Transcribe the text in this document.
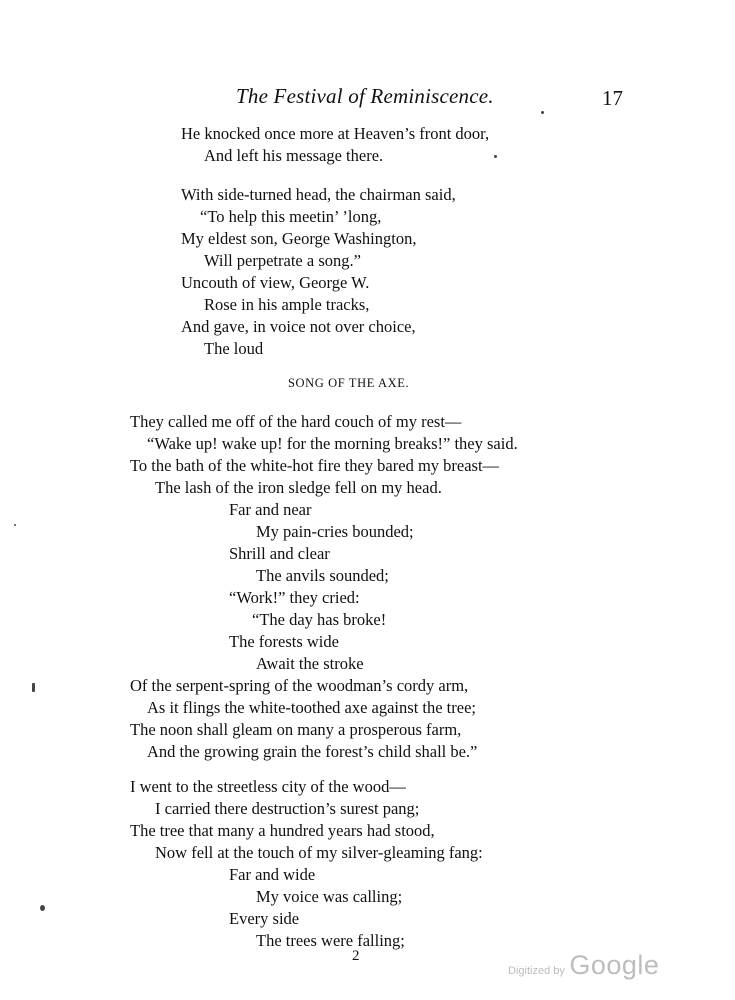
The Festival of Reminiscence.	17
He knocked once more at Heaven’s front door,
And left his message there.
With side-turned head, the chairman said,
“To help this meetin’ ’long,
My eldest son, George Washington,
Will perpetrate a song.”
Uncouth of view, George W.
Rose in his ample tracks,
And gave, in voice not over choice,
The loud
SONG OF THE AXE.
They called me off of the hard couch of my rest—
“Wake up! wake up! for the morning breaks!” they said.
To the bath of the white-hot fire they bared my breast—
The lash of the iron sledge fell on my head.
Far and near
My pain-cries bounded;
Shrill and clear
The anvils sounded;
“Work!” they cried:
“The day has broke!
The forests wide
Await the stroke
Of the serpent-spring of the woodman’s cordy arm,
As it flings the white-toothed axe against the tree;
The noon shall gleam on many a prosperous farm,
And the growing grain the forest’s child shall be.”
I went to the streetless city of the wood—
I carried there destruction’s surest pang;
The tree that many a hundred years had stood,
Now fell at the touch of my silver-gleaming fang:
Far and wide
My voice was calling;
Every side
The trees were falling;
2
Digitized by Google
